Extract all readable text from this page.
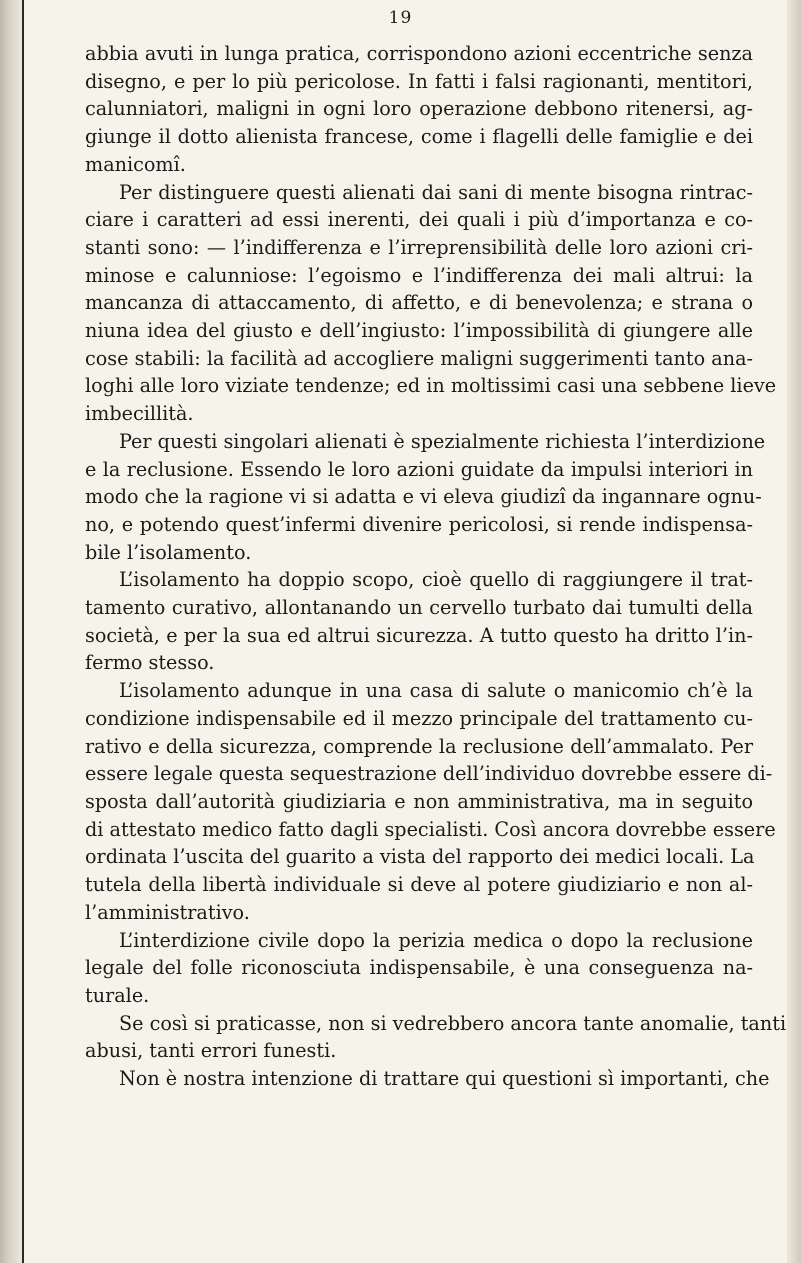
19
abbia avuti in lunga pratica, corrispondono azioni eccentriche senza
disegno, e per lo più pericolose. In fatti i falsi ragionanti, mentitori,
calunniatori, maligni in ogni loro operazione debbono ritenersi, ag-
giunge il dotto alienista francese, come i flagelli delle famiglie e dei
manicomî.
Per distinguere questi alienati dai sani di mente bisogna rintrac-
ciare i caratteri ad essi inerenti, dei quali i più d’importanza e co-
stanti sono: — l’indifferenza e l’irreprensibilità delle loro azioni cri-
minose e calunniose: l’egoismo e l’indifferenza dei mali altrui: la
mancanza di attaccamento, di affetto, e di benevolenza; e strana o
niuna idea del giusto e dell’ingiusto: l’impossibilità di giungere alle
cose stabili: la facilità ad accogliere maligni suggerimenti tanto ana-
loghi alle loro viziate tendenze; ed in moltissimi casi una sebbene lieve
imbecillità.
Per questi singolari alienati è spezialmente richiesta l’interdizione
e la reclusione. Essendo le loro azioni guidate da impulsi interiori in
modo che la ragione vi si adatta e vi eleva giudizî da ingannare ognu-
no, e potendo quest’infermi divenire pericolosi, si rende indispensa-
bile l’isolamento.
L’isolamento ha doppio scopo, cioè quello di raggiungere il trat-
tamento curativo, allontanando un cervello turbato dai tumulti della
società, e per la sua ed altrui sicurezza. A tutto questo ha dritto l’in-
fermo stesso.
L’isolamento adunque in una casa di salute o manicomio ch’è la
condizione indispensabile ed il mezzo principale del trattamento cu-
rativo e della sicurezza, comprende la reclusione dell’ammalato. Per
essere legale questa sequestrazione dell’individuo dovrebbe essere di-
sposta dall’autorità giudiziaria e non amministrativa, ma in seguito
di attestato medico fatto dagli specialisti. Così ancora dovrebbe essere
ordinata l’uscita del guarito a vista del rapporto dei medici locali. La
tutela della libertà individuale si deve al potere giudiziario e non al-
l’amministrativo.
L’interdizione civile dopo la perizia medica o dopo la reclusione
legale del folle riconosciuta indispensabile, è una conseguenza na-
turale.
Se così si praticasse, non si vedrebbero ancora tante anomalie, tanti
abusi, tanti errori funesti.
Non è nostra intenzione di trattare qui questioni sì importanti, che
